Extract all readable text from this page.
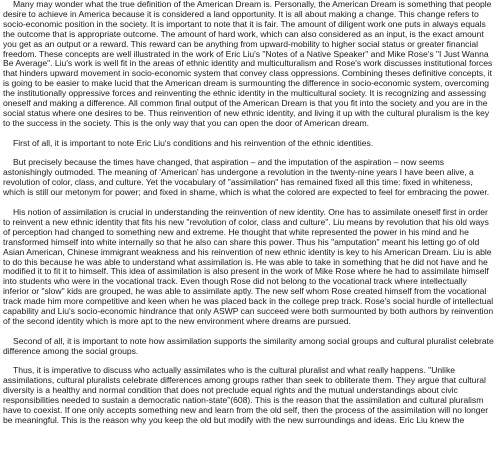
Many may wonder what the true definition of the American Dream is. Personally, the American Dream is something that people desire to achieve in America because it is considered a land opportunity. It is all about making a change. This change refers to socio-economic position in the society. It is important to note that it is fair. The amount of diligent work one puts in always equals the outcome that is appropriate outcome. The amount of hard work, which can also considered as an input, is the exact amount you get as an output or a reward. This reward can be anything from upward-mobility to higher social status or greater financial freedom. These concepts are well illustrated in the work of Eric Liu's "Notes of a Native Speaker" and Mike Rose's "I Just Wanna Be Average". Liu's work is well fit in the areas of ethnic identity and multiculturalism and Rose's work discusses institutional forces that hinders upward movement in socio-economic system that convey class oppressions. Combining theses definitive concepts, it is going to be easier to make lucid that the American dream is surmounting the difference in socio-economic system, overcoming the institutionally oppressive forces and reinventing the ethnic identity in the multicultural society. It is recognizing and assessing oneself and making a difference. All common final output of the American Dream is that you fit into the society and you are in the social status where one desires to be. Thus reinvention of new ethnic identity, and living it up with the cultural pluralism is the key to the success in the society. This is the only way that you can open the door of American dream.

First of all, it is important to note Eric Liu's conditions and his reinvention of the ethnic identities.

But precisely because the times have changed, that aspiration – and the imputation of the aspiration – now seems astonishingly outmoded. The meaning of 'American' has undergone a revolution in the twenty-nine years I have been alive, a revolution of color, class, and culture. Yet the vocabulary of "assimilation" has remained fixed all this time: fixed in whiteness, which is still our metonym for power; and fixed in shame, which is what the colored are expected to feel for embracing the power.

His notion of assimilation is crucial in understanding the reinvention of new identity. One has to assimilate oneself first in order to reinvent a new ethnic identity that fits his new "revolution of color, class and culture". Liu means by revolution that his old ways of perception had changed to something new and extreme. He thought that white represented the power in his mind and he transformed himself into white internally so that he also can share this power. Thus his "amputation" meant his letting go of old Asian American, Chinese immigrant weakness and his reinvention of new ethnic identity is key to his American Dream. Liu is able to do this because he was able to understand what assimilation is. He was able to take in something that he did not have and he modified it to fit it to himself. This idea of assimilation is also present in the work of Mike Rose where he had to assimilate himself into students who were in the vocational track. Even though Rose did not belong to the vocational track where intellectually inferior or "slow" kids are grouped, he was able to assimilate aptly. The new self whom Rose created himself from the vocational track made him more competitive and keen when he was placed back in the college prep track. Rose's social hurdle of intellectual capability and Liu's socio-economic hindrance that only ASWP can succeed were both surmounted by both authors by reinvention of the second identity which is more apt to the new environment where dreams are pursued.

Second of all, it is important to note how assimilation supports the similarity among social groups and cultural pluralist celebrate difference among the social groups.

Thus, it is imperative to discuss who actually assimilates who is the cultural pluralist and what really happens. "Unlike assimilations, cultural pluralists celebrate differences among groups rather than seek to obliterate them. They argue that cultural diversity is a healthy and normal condition that does not preclude equal rights and the mutual understandings about civic responsibilities needed to sustain a democratic nation-state"(608). This is the reason that the assimilation and cultural pluralism have to coexist. If one only accepts something new and learn from the old self, then the process of the assimilation will no longer be meaningful. This is the reason why you keep the old but modify with the new surroundings and ideas. Eric Liu knew the
